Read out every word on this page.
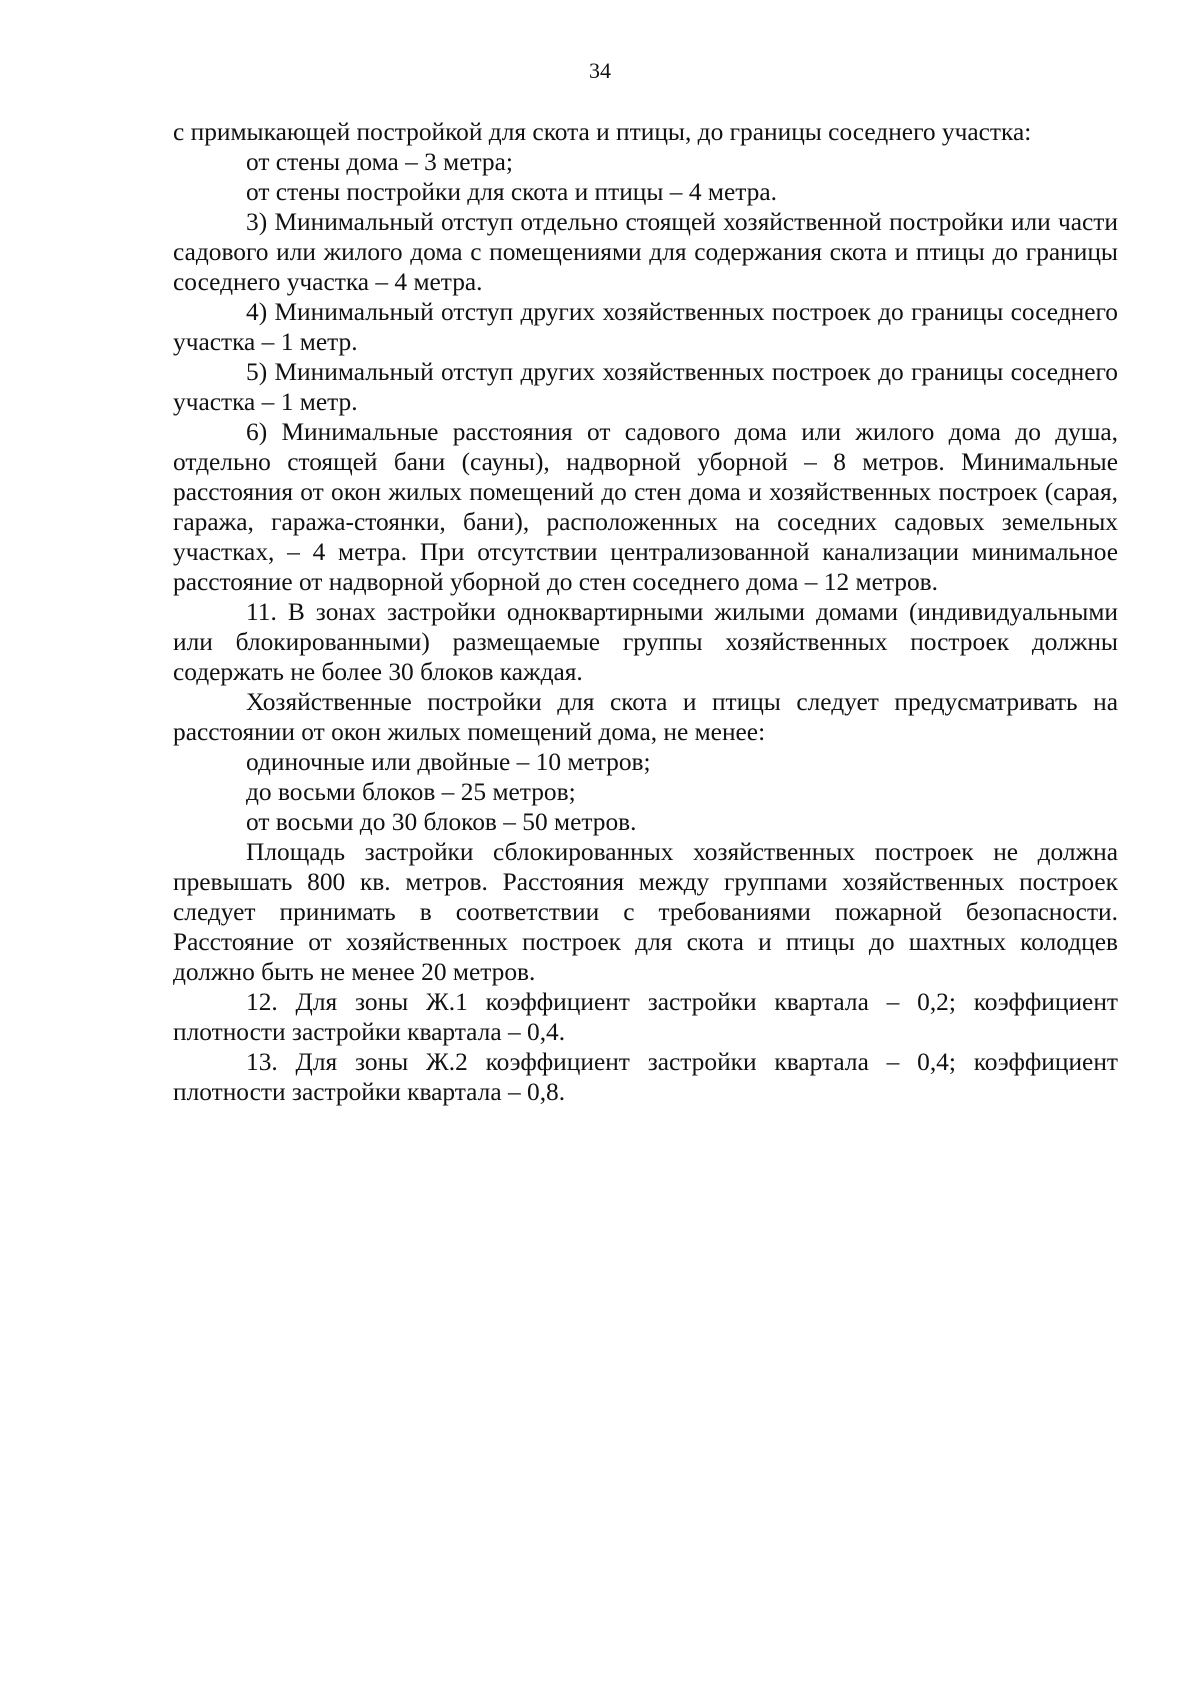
34

с примыкающей постройкой для скота и птицы, до границы соседнего участка:

от стены дома – 3 метра;

от стены постройки для скота и птицы – 4 метра.

3) Минимальный отступ отдельно стоящей хозяйственной постройки или части садового или жилого дома с помещениями для содержания скота и птицы до границы соседнего участка – 4 метра.

4) Минимальный отступ других хозяйственных построек до границы соседнего участка – 1 метр.

5) Минимальный отступ других хозяйственных построек до границы соседнего участка – 1 метр.

6) Минимальные расстояния от садового дома или жилого дома до душа, отдельно стоящей бани (сауны), надворной уборной – 8 метров. Минимальные расстояния от окон жилых помещений до стен дома и хозяйственных построек (сарая, гаража, гаража-стоянки, бани), расположенных на соседних садовых земельных участках, – 4 метра. При отсутствии централизованной канализации минимальное расстояние от надворной уборной до стен соседнего дома – 12 метров.

11. В зонах застройки одноквартирными жилыми домами (индивидуальными или блокированными) размещаемые группы хозяйственных построек должны содержать не более 30 блоков каждая.

Хозяйственные постройки для скота и птицы следует предусматривать на расстоянии от окон жилых помещений дома, не менее:

одиночные или двойные – 10 метров;

до восьми блоков – 25 метров;

от восьми до 30 блоков – 50 метров.

Площадь застройки сблокированных хозяйственных построек не должна превышать 800 кв. метров. Расстояния между группами хозяйственных построек следует принимать в соответствии с требованиями пожарной безопасности. Расстояние от хозяйственных построек для скота и птицы до шахтных колодцев должно быть не менее 20 метров.

12. Для зоны Ж.1 коэффициент застройки квартала – 0,2; коэффициент плотности застройки квартала – 0,4.

13. Для зоны Ж.2 коэффициент застройки квартала – 0,4; коэффициент плотности застройки квартала – 0,8.
